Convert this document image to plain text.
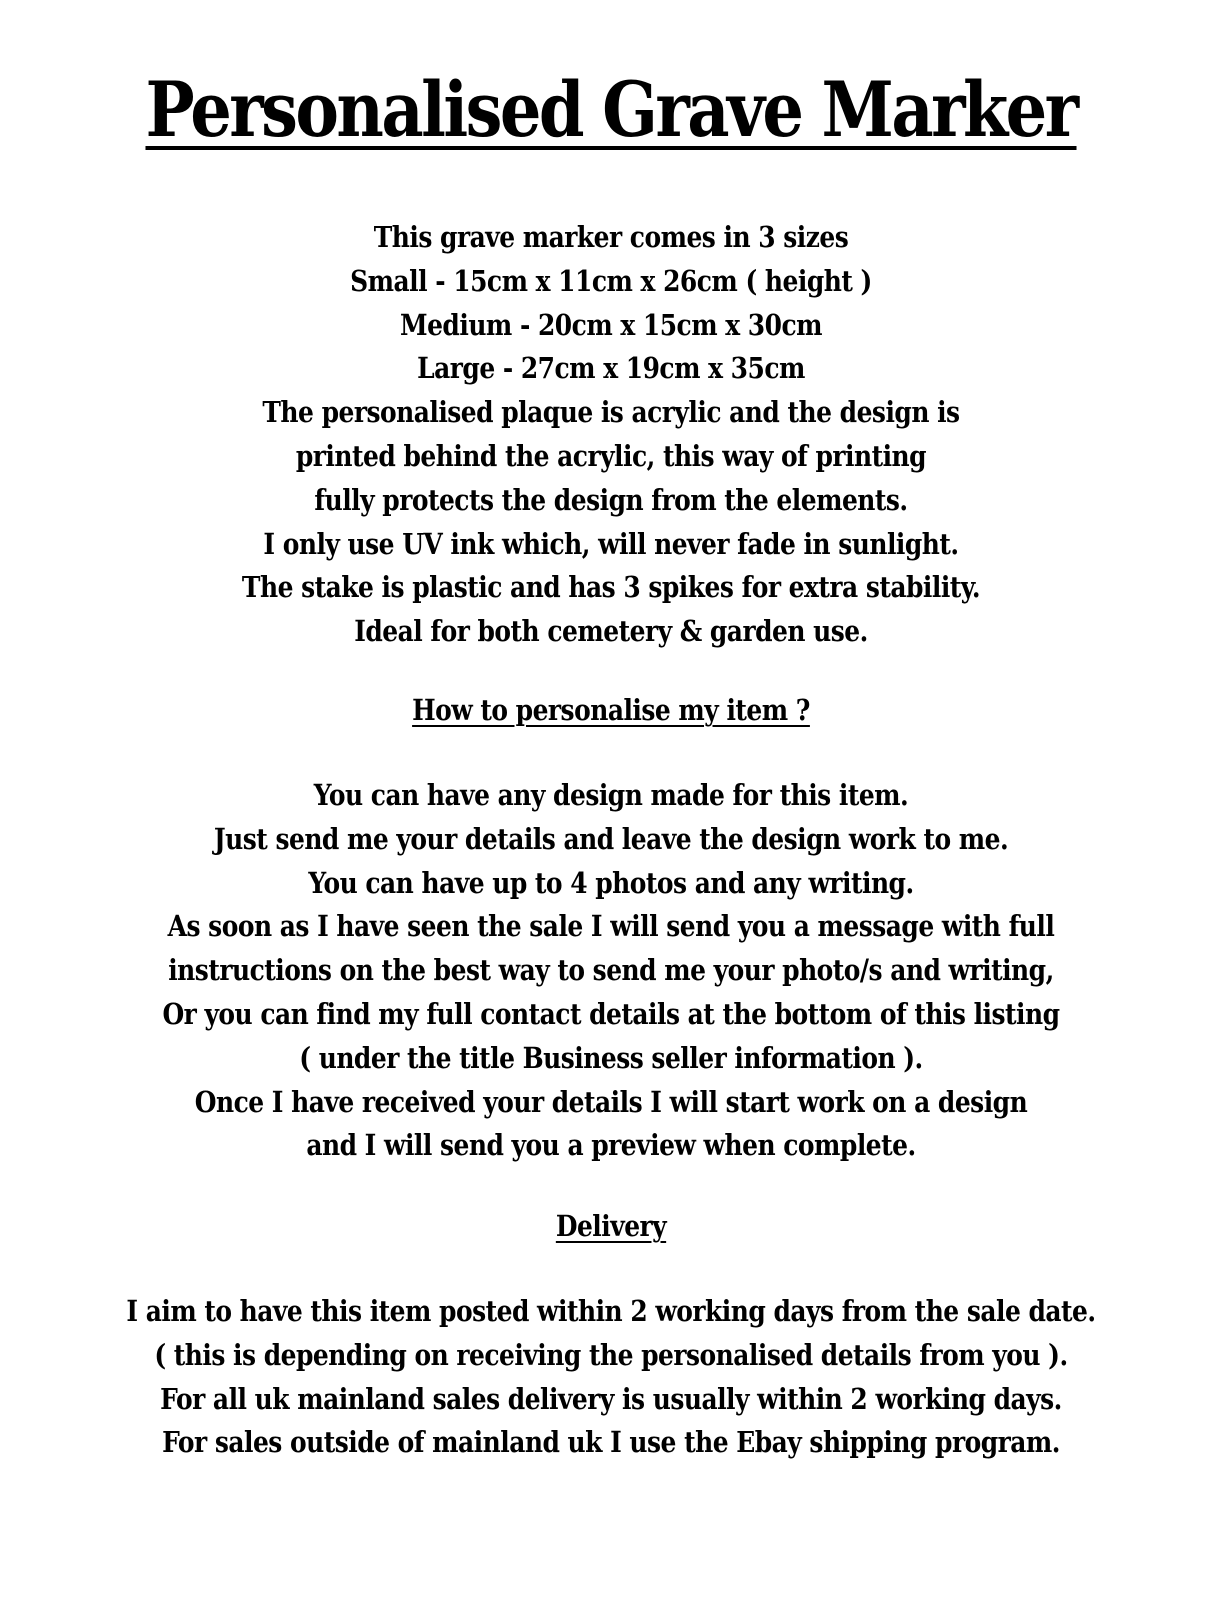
Personalised Grave Marker
This grave marker comes in 3 sizes
Small - 15cm x 11cm x 26cm ( height )
Medium - 20cm x 15cm x 30cm
Large - 27cm x 19cm x 35cm
The personalised plaque is acrylic and the design is
printed behind the acrylic, this way of printing
fully protects the design from the elements.
I only use UV ink which, will never fade in sunlight.
The stake is plastic and has 3 spikes for extra stability.
Ideal for both cemetery & garden use.
How to personalise my item ?
You can have any design made for this item.
Just send me your details and leave the design work to me.
You can have up to 4 photos and any writing.
As soon as I have seen the sale I will send you a message with full
instructions on the best way to send me your photo/s and writing,
Or you can find my full contact details at the bottom of this listing
( under the title Business seller information ).
Once I have received your details I will start work on a design
and I will send you a preview when complete.
Delivery
I aim to have this item posted within 2 working days from the sale date.
( this is depending on receiving the personalised details from you ).
For all uk mainland sales delivery is usually within 2 working days.
For sales outside of mainland uk I use the Ebay shipping program.
